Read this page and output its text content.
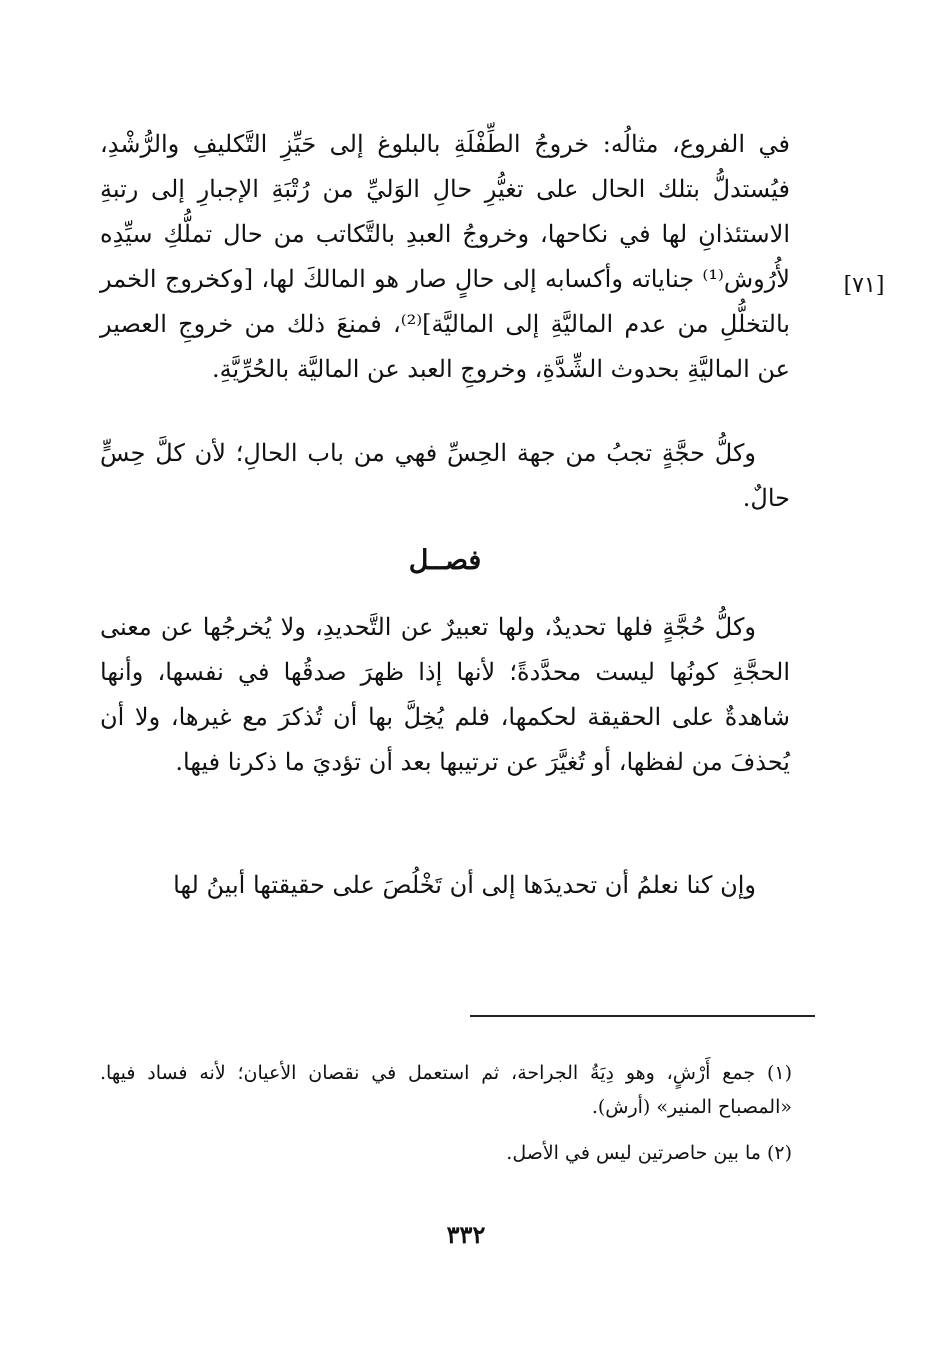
[٧١]

في الفروع، مثالُه: خروجُ الطِّفْلَةِ بالبلوغ إلى حَيِّزِ التَّكليفِ والرُّشْدِ، فيُستدلُّ بتلك الحال على تغيُّرِ حالِ الوَليِّ من رُتْبَةِ الإجبارِ إلى رتبةِ الاستئذانِ لها في نكاحها، وخروجُ العبدِ بالتَّكاتب من حال تملُّكِ سيِّدِه لأُرُوش⁽¹⁾ جناياته وأكسابه إلى حالٍ صار هو المالكَ لها، [وكخروج الخمر بالتخلُّلِ من عدم الماليَّةِ إلى الماليَّة]⁽²⁾، فمنعَ ذلك من خروجِ العصير عن الماليَّةِ بحدوث الشِّدَّةِ، وخروجِ العبد عن الماليَّة بالحُرِّيَّةِ.

وكلُّ حجَّةٍ تجبُ من جهة الحِسِّ فهي من باب الحالِ؛ لأن كلَّ حِسٍّ حالٌ.

فصــل

وكلُّ حُجَّةٍ فلها تحديدٌ، ولها تعبيرٌ عن التَّحديدِ، ولا يُخرجُها عن معنى الحجَّةِ كونُها ليست محدَّدةً؛ لأنها إذا ظهرَ صدقُها في نفسها، وأنها شاهدةٌ على الحقيقة لحكمها، فلم يُخِلَّ بها أن تُذكرَ مع غيرها، ولا أن يُحذفَ من لفظها، أو تُغيَّرَ عن ترتيبها بعد أن تؤديَ ما ذكرنا فيها.

وإن كنا نعلمُ أن تحديدَها إلى أن تَخْلُصَ على حقيقتها أبينُ لها

(١) جمع أَرْشٍ، وهو دِيَةُ الجراحة، ثم استعمل في نقصان الأعيان؛ لأنه فساد فيها. «المصباح المنير» (أرش).

(٢) ما بين حاصرتين ليس في الأصل.

٣٣٢
